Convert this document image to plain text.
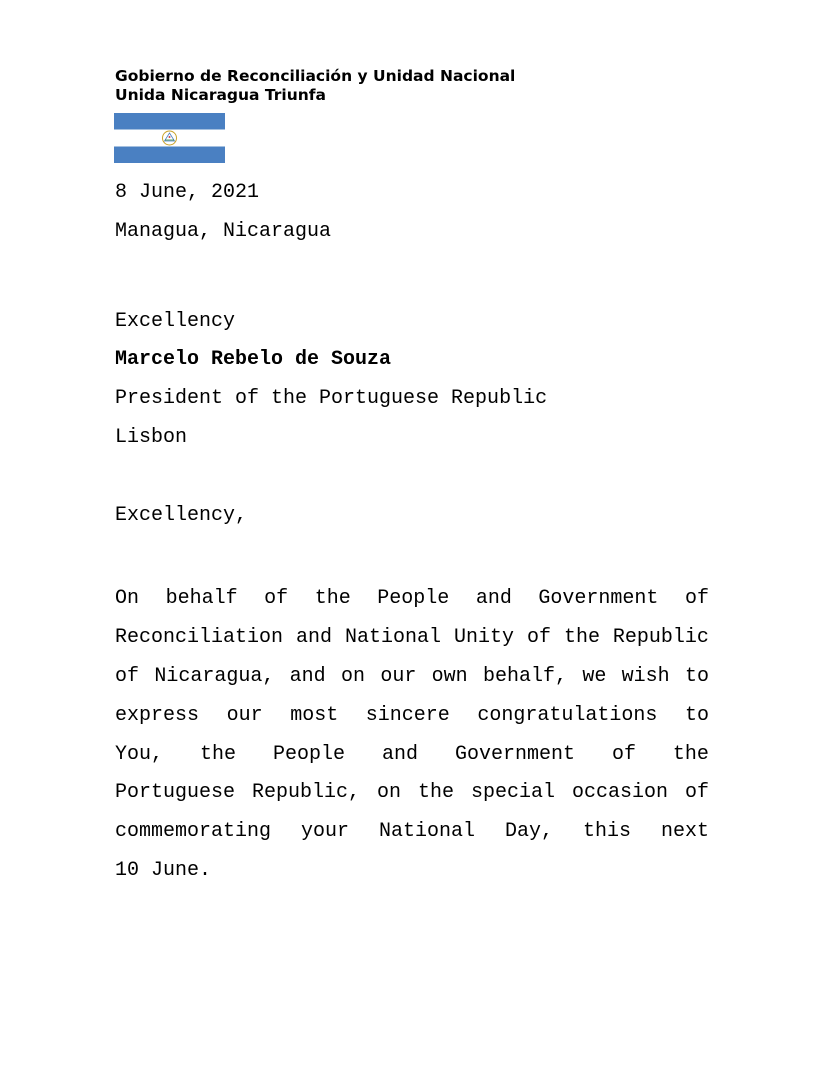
Gobierno de Reconciliación y Unidad Nacional
Unida Nicaragua Triunfa
8 June, 2021
Managua, Nicaragua
Excellency
Marcelo Rebelo de Souza
President of the Portuguese Republic
Lisbon
Excellency,
On behalf of the People and Government of
Reconciliation and National Unity of the Republic
of Nicaragua, and on our own behalf, we wish to
express our most sincere congratulations to
You, the People and Government of the
Portuguese Republic, on the special occasion of
commemorating your National Day, this next
10 June.
